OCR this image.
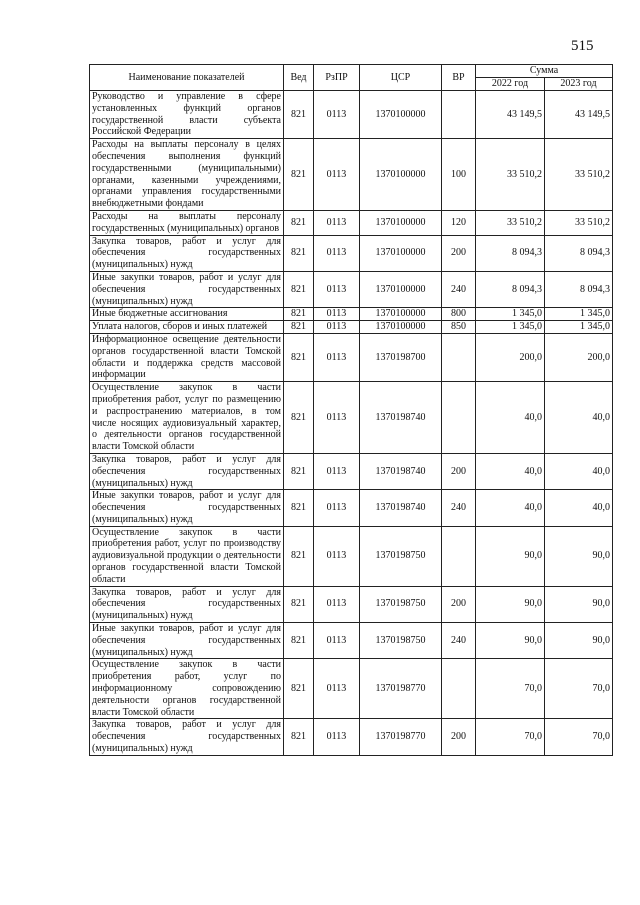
515
Наименование показателей	Вед	РзПР	ЦСР	ВР	Сумма	
					2022 год	2023 год
Руководство и управление в сфере установленных функций органов государственной власти субъекта Российской Федерации	821	0113	1370100000		43 149,5	43 149,5
Расходы на выплаты персоналу в целях обеспечения выполнения функций государственными (муниципальными) органами, казенными учреждениями, органами управления государственными внебюджетными фондами	821	0113	1370100000	100	33 510,2	33 510,2
Расходы на выплаты персоналу государственных (муниципальных) органов	821	0113	1370100000	120	33 510,2	33 510,2
Закупка товаров, работ и услуг для обеспечения государственных (муниципальных) нужд	821	0113	1370100000	200	8 094,3	8 094,3
Иные закупки товаров, работ и услуг для обеспечения государственных (муниципальных) нужд	821	0113	1370100000	240	8 094,3	8 094,3
Иные бюджетные ассигнования	821	0113	1370100000	800	1 345,0	1 345,0
Уплата налогов, сборов и иных платежей	821	0113	1370100000	850	1 345,0	1 345,0
Информационное освещение деятельности органов государственной власти Томской области и поддержка средств массовой информации	821	0113	1370198700		200,0	200,0
Осуществление закупок в части приобретения работ, услуг по размещению и распространению материалов, в том числе носящих аудиовизуальный характер, о деятельности органов государственной власти Томской области	821	0113	1370198740		40,0	40,0
Закупка товаров, работ и услуг для обеспечения государственных (муниципальных) нужд	821	0113	1370198740	200	40,0	40,0
Иные закупки товаров, работ и услуг для обеспечения государственных (муниципальных) нужд	821	0113	1370198740	240	40,0	40,0
Осуществление закупок в части приобретения работ, услуг по производству аудиовизуальной продукции о деятельности органов государственной власти Томской области	821	0113	1370198750		90,0	90,0
Закупка товаров, работ и услуг для обеспечения государственных (муниципальных) нужд	821	0113	1370198750	200	90,0	90,0
Иные закупки товаров, работ и услуг для обеспечения государственных (муниципальных) нужд	821	0113	1370198750	240	90,0	90,0
Осуществление закупок в части приобретения работ, услуг по информационному сопровождению деятельности органов государственной власти Томской области	821	0113	1370198770		70,0	70,0
Закупка товаров, работ и услуг для обеспечения государственных (муниципальных) нужд	821	0113	1370198770	200	70,0	70,0
